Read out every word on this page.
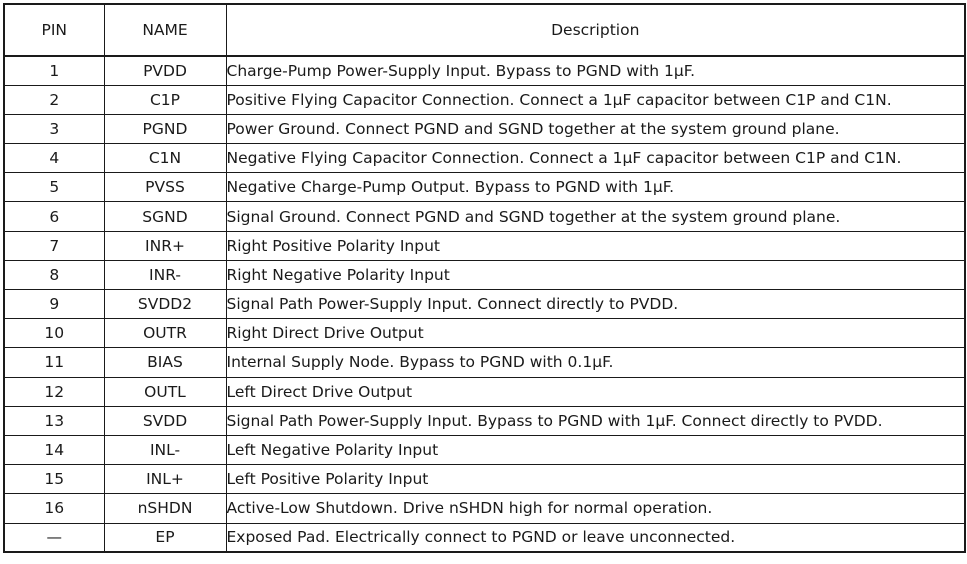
PIN	NAME	Description
1	PVDD	Charge-Pump Power-Supply Input. Bypass to PGND with 1μF.
2	C1P	Positive Flying Capacitor Connection. Connect a 1μF capacitor between C1P and C1N.
3	PGND	Power Ground. Connect PGND and SGND together at the system ground plane.
4	C1N	Negative Flying Capacitor Connection. Connect a 1μF capacitor between C1P and C1N.
5	PVSS	Negative Charge-Pump Output. Bypass to PGND with 1μF.
6	SGND	Signal Ground. Connect PGND and SGND together at the system ground plane.
7	INR+	Right Positive Polarity Input
8	INR-	Right Negative Polarity Input
9	SVDD2	Signal Path Power-Supply Input. Connect directly to PVDD.
10	OUTR	Right Direct Drive Output
11	BIAS	Internal Supply Node. Bypass to PGND with 0.1μF.
12	OUTL	Left Direct Drive Output
13	SVDD	Signal Path Power-Supply Input. Bypass to PGND with 1μF. Connect directly to PVDD.
14	INL-	Left Negative Polarity Input
15	INL+	Left Positive Polarity Input
16	nSHDN	Active-Low Shutdown. Drive nSHDN high for normal operation.
—	EP	Exposed Pad. Electrically connect to PGND or leave unconnected.
